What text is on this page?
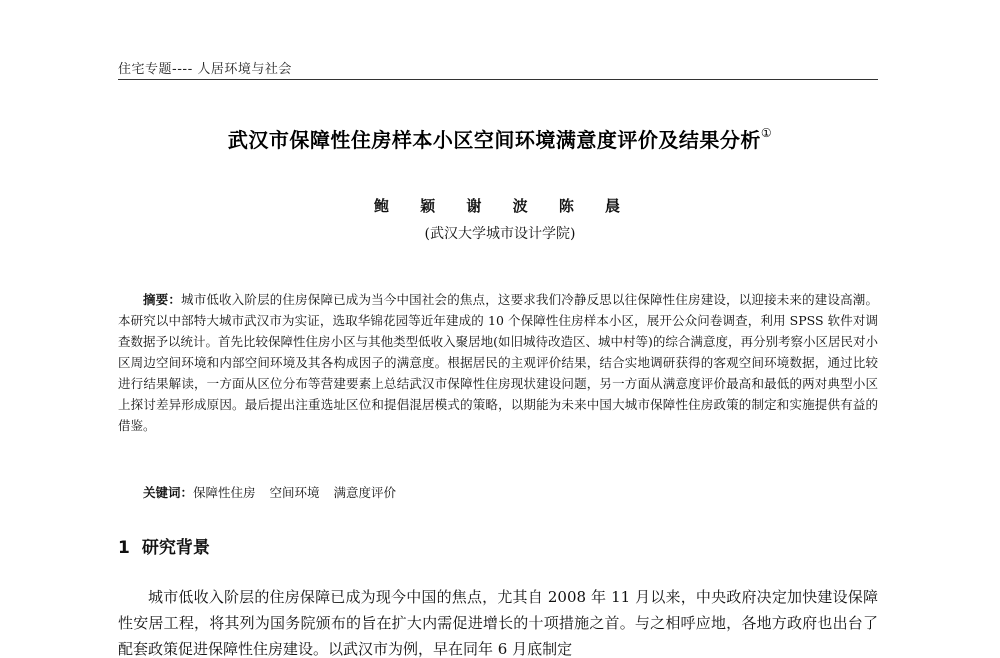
住宅专题---- 人居环境与社会
武汉市保障性住房样本小区空间环境满意度评价及结果分析①
鲍 颖 谢 波 陈 晨
(武汉大学城市设计学院)

摘要：城市低收入阶层的住房保障已成为当今中国社会的焦点，这要求我们冷静反思以往保障性住房建设，以迎接未来的建设高潮。本研究以中部特大城市武汉市为实证，选取华锦花园等近年建成的 10 个保障性住房样本小区，展开公众问卷调查，利用 SPSS 软件对调查数据予以统计。首先比较保障性住房小区与其他类型低收入聚居地(如旧城待改造区、城中村等)的综合满意度，再分别考察小区居民对小区周边空间环境和内部空间环境及其各构成因子的满意度。根据居民的主观评价结果，结合实地调研获得的客观空间环境数据，通过比较进行结果解读，一方面从区位分布等营建要素上总结武汉市保障性住房现状建设问题，另一方面从满意度评价最高和最低的两对典型小区上探讨差异形成原因。最后提出注重选址区位和提倡混居模式的策略，以期能为未来中国大城市保障性住房政策的制定和实施提供有益的借鉴。

关键词：保障性住房 空间环境 满意度评价
1 研究背景

城市低收入阶层的住房保障已成为现今中国的焦点，尤其自 2008 年 11 月以来，中央政府决定加快建设保障性安居工程，将其列为国务院颁布的旨在扩大内需促进增长的十项措施之首。与之相呼应地，各地方政府也出台了配套政策促进保障性住房建设。以武汉市为例，早在同年 6 月底制定
